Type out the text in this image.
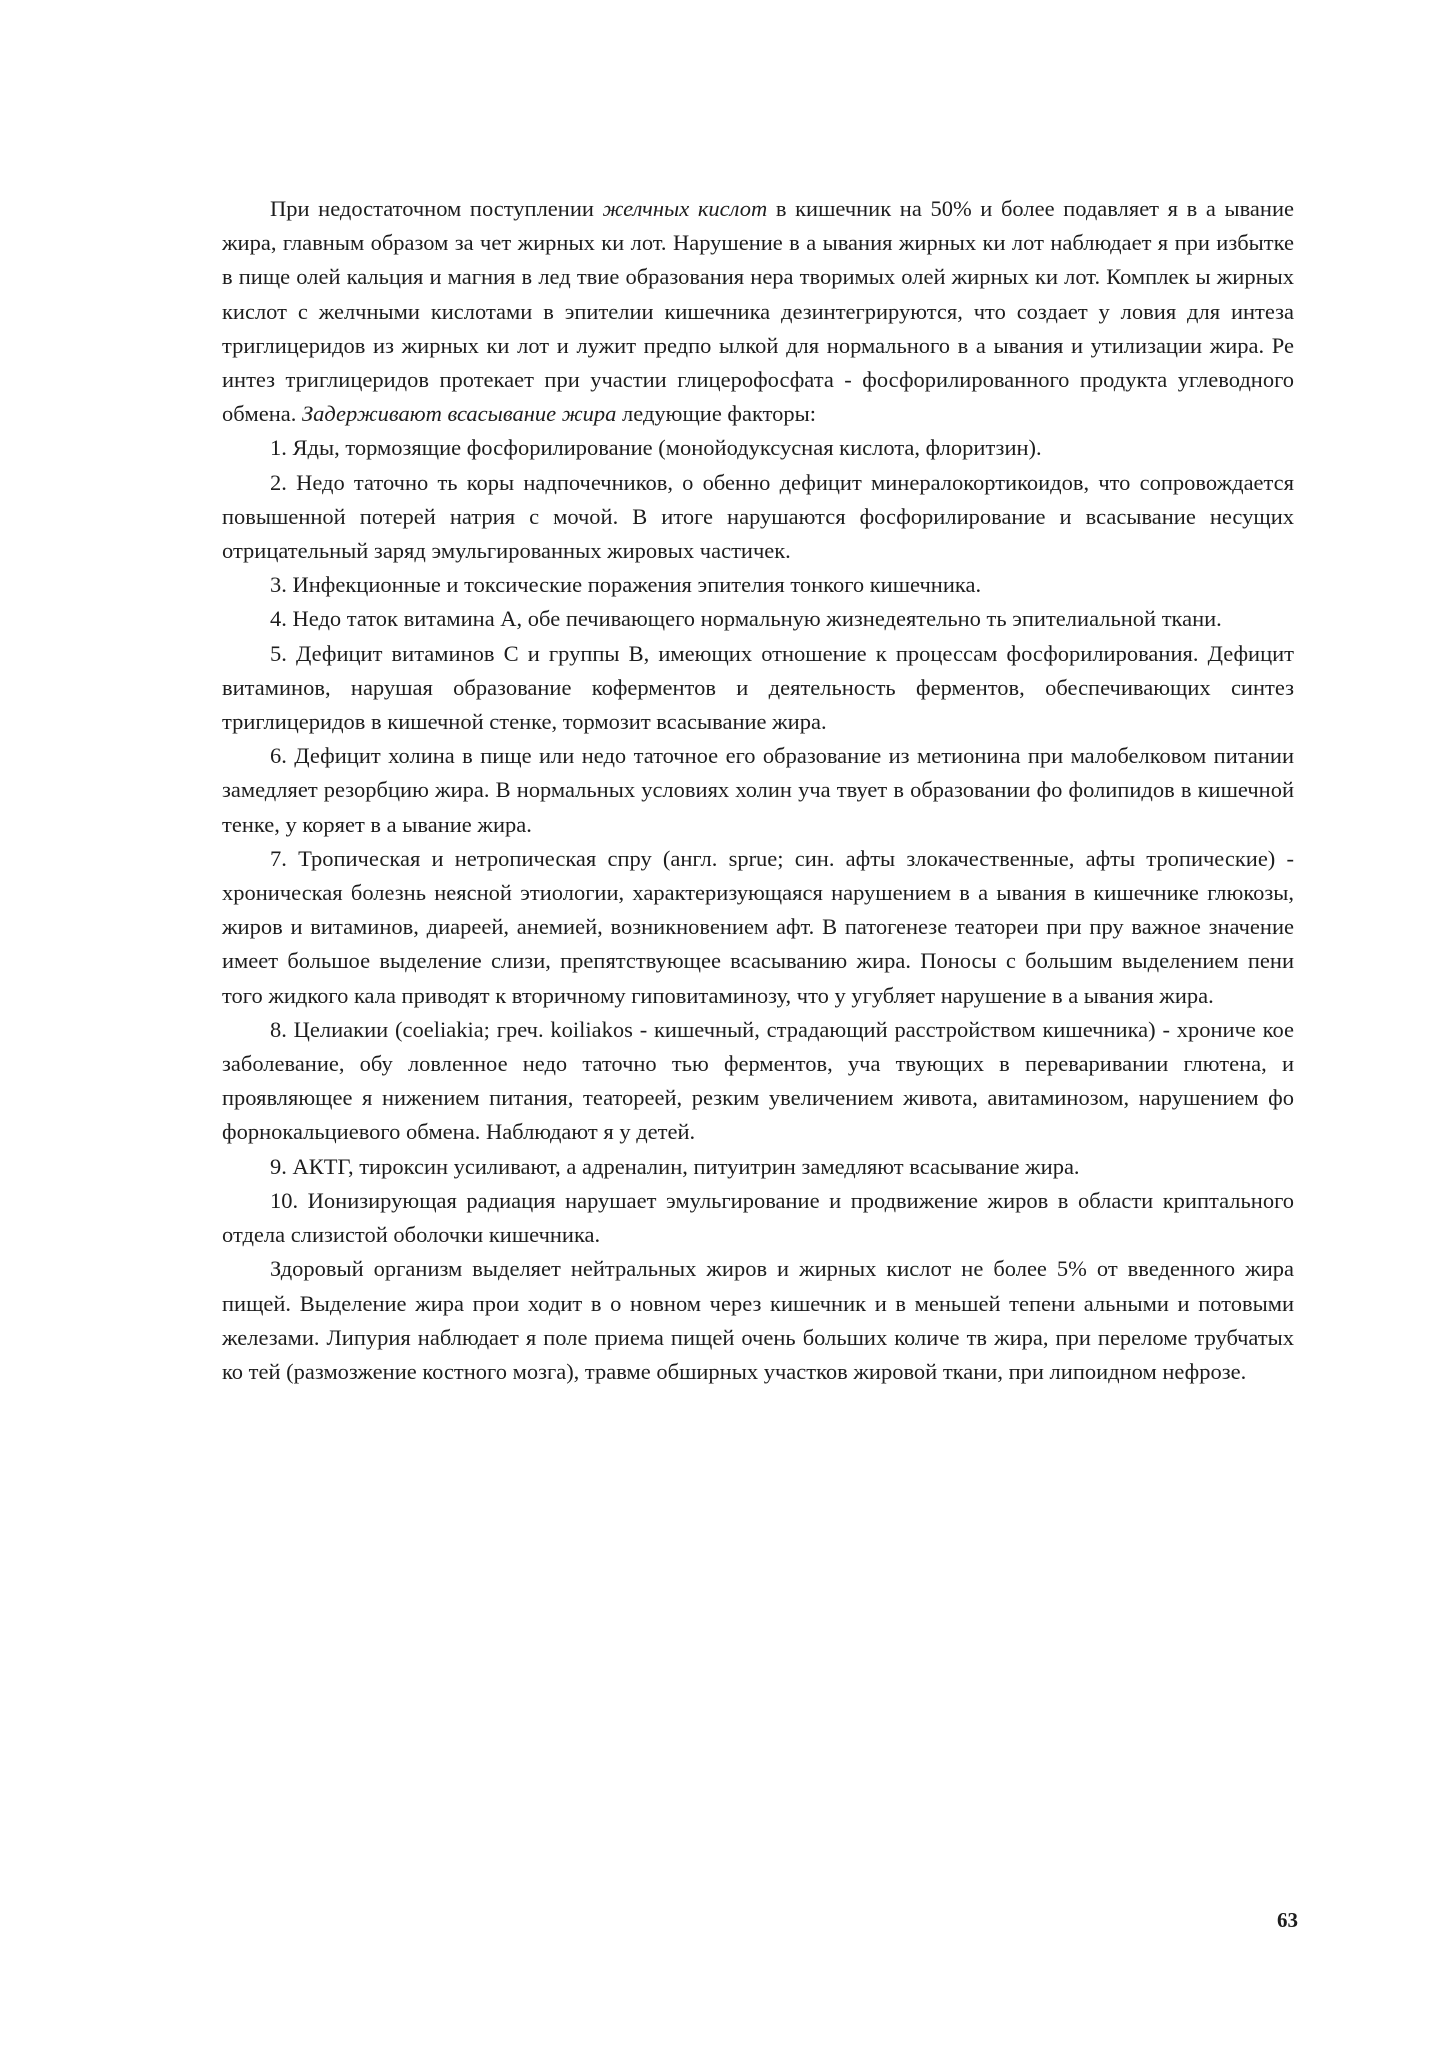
При недостаточном поступлении желчных кислот в кишечник на 50% и более подавляет я в а ывание жира, главным образом за чет жирных ки лот. Нарушение в а ывания жирных ки лот наблюдает я при избытке в пище олей кальция и магния в лед твие образования нера творимых олей жирных ки лот. Комплек ы жирных кислот с желчными кислотами в эпителии кишечника дезинтегрируются, что создает у ловия для интеза триглицеридов из жирных ки лот и лужит предпо ылкой для нормального в а ывания и утилизации жира. Ре интез триглицеридов протекает при участии глицерофосфата - фосфорилированного продукта углеводного обмена. Задерживают всасывание жира ледующие факторы:

1. Яды, тормозящие фосфорилирование (монойодуксусная кислота, флоритзин).

2. Недо таточно ть коры надпочечников, о обенно дефицит минералокортикоидов, что сопровождается повышенной потерей натрия с мочой. В итоге нарушаются фосфорилирование и всасывание несущих отрицательный заряд эмульгированных жировых частичек.

3. Инфекционные и токсические поражения эпителия тонкого кишечника.

4. Недо таток витамина А, обе печивающего нормальную жизнедеятельно ть эпителиальной ткани.

5. Дефицит витаминов С и группы В, имеющих отношение к процессам фосфорилирования. Дефицит витаминов, нарушая образование коферментов и деятельность ферментов, обеспечивающих синтез триглицеридов в кишечной стенке, тормозит всасывание жира.

6. Дефицит холина в пище или недо таточное его образование из метионина при малобелковом питании замедляет резорбцию жира. В нормальных условиях холин уча твует в образовании фо фолипидов в кишечной тенке, у коряет в а ывание жира.

7. Тропическая и нетропическая спру (англ. sprue; син. афты злокачественные, афты тропические) - хроническая болезнь неясной этиологии, характеризующаяся нарушением в а ывания в кишечнике глюкозы, жиров и витаминов, диареей, анемией, возникновением афт. В патогенезе театореи при пру важное значение имеет большое выделение слизи, препятствующее всасыванию жира. Поносы с большим выделением пени того жидкого кала приводят к вторичному гиповитаминозу, что у угубляет нарушение в а ывания жира.

8. Целиакии (coeliakia; греч. koiliakos - кишечный, страдающий расстройством кишечника) - хрониче кое заболевание, обу ловленное недо таточно тью ферментов, уча твующих в переваривании глютена, и проявляющее я нижением питания, театореей, резким увеличением живота, авитаминозом, нарушением фо форнокальциевого обмена. Наблюдают я у детей.

9. АКТГ, тироксин усиливают, а адреналин, питуитрин замедляют всасывание жира.

10. Ионизирующая радиация нарушает эмульгирование и продвижение жиров в области криптального отдела слизистой оболочки кишечника.

Здоровый организм выделяет нейтральных жиров и жирных кислот не более 5% от введенного жира пищей. Выделение жира прои ходит в о новном через кишечник и в меньшей тепени альными и потовыми железами. Липурия наблюдает я поле приема пищей очень больших количе тв жира, при переломе трубчатых ко тей (размозжение костного мозга), травме обширных участков жировой ткани, при липоидном нефрозе.

63
